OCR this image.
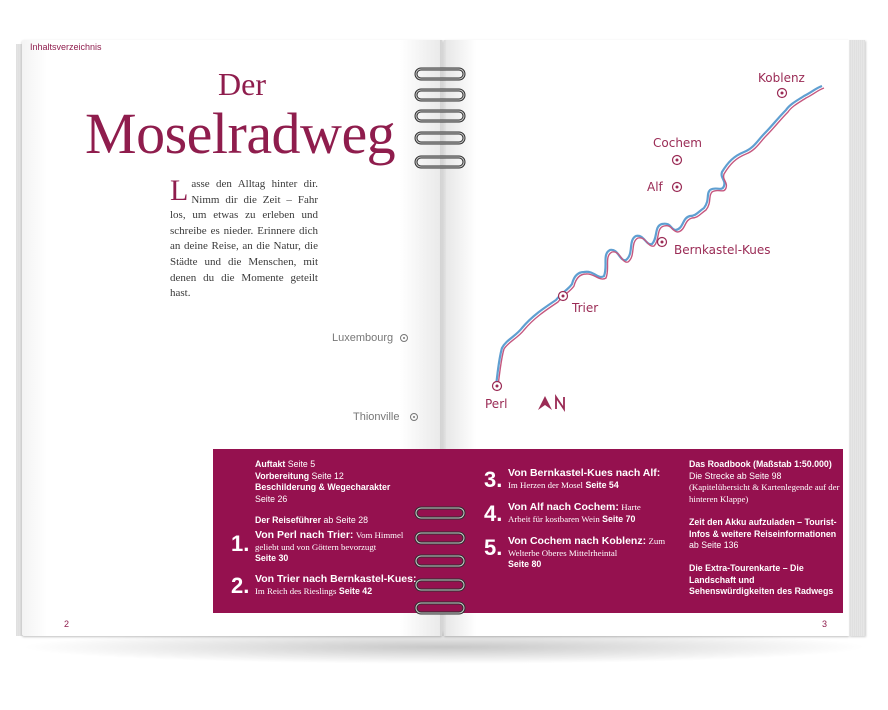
Inhaltsverzeichnis
Der
Moselradweg
Lasse den Alltag hinter dir. Nimm dir die Zeit – Fahr los, um etwas zu erleben und schreibe es nieder. Erinnere dich an deine Reise, an die Natur, die Städte und die Menschen, mit denen du die Momente geteilt hast.
Luxembourg
Thionville
Koblenz
Cochem
Alf
Bernkastel-Kues
Trier
Perl
Auftakt Seite 5
Vorbereitung Seite 12
Beschilderung & Wegecharakter
Seite 26
Der Reiseführer ab Seite 28
1. Von Perl nach Trier: Vom Himmel geliebt und von Göttern bevorzugt
Seite 30
2. Von Trier nach Bernkastel-Kues:
Im Reich des Rieslings Seite 42
3. Von Bernkastel-Kues nach Alf:
Im Herzen der Mosel Seite 54
4. Von Alf nach Cochem: Harte Arbeit für kostbaren Wein Seite 70
5. Von Cochem nach Koblenz: Zum Welterbe Oberes Mittelrheintal
Seite 80
Das Roadbook (Maßstab 1:50.000)
Die Strecke ab Seite 98
(Kapitelübersicht & Kartenlegende auf der hinteren Klappe)
Zeit den Akku aufzuladen – Tourist-Infos & weitere Reiseinformationen ab Seite 136
Die Extra-Tourenkarte – Die Landschaft und Sehenswürdigkeiten des Radwegs
2	3
